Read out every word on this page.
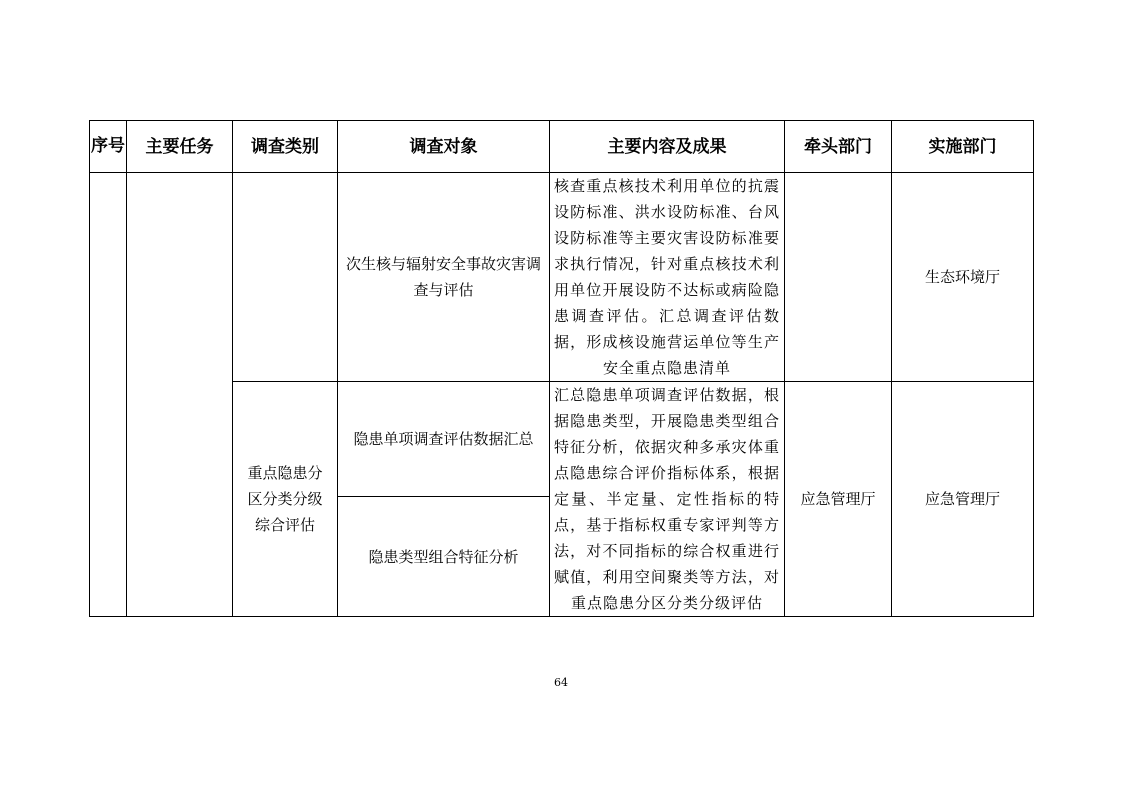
序号	主要任务	调查类别	调查对象	主要内容及成果	牵头部门	实施部门

			次生核与辐射安全事故灾害调查与评估	核查重点核技术利用单位的抗震设防标准、洪水设防标准、台风设防标准等主要灾害设防标准要求执行情况，针对重点核技术利用单位开展设防不达标或病险隐患调查评估。汇总调查评估数据，形成核设施营运单位等生产安全重点隐患清单		生态环境厅

		重点隐患分区分类分级综合评估	隐患单项调查评估数据汇总	汇总隐患单项调查评估数据，根据隐患类型，开展隐患类型组合特征分析，依据灾种多承灾体重点隐患综合评价指标体系，根据定量、半定量、定性指标的特点，基于指标权重专家评判等方法，对不同指标的综合权重进行赋值，利用空间聚类等方法，对重点隐患分区分类分级评估	应急管理厅	应急管理厅

			隐患类型组合特征分析			
64
